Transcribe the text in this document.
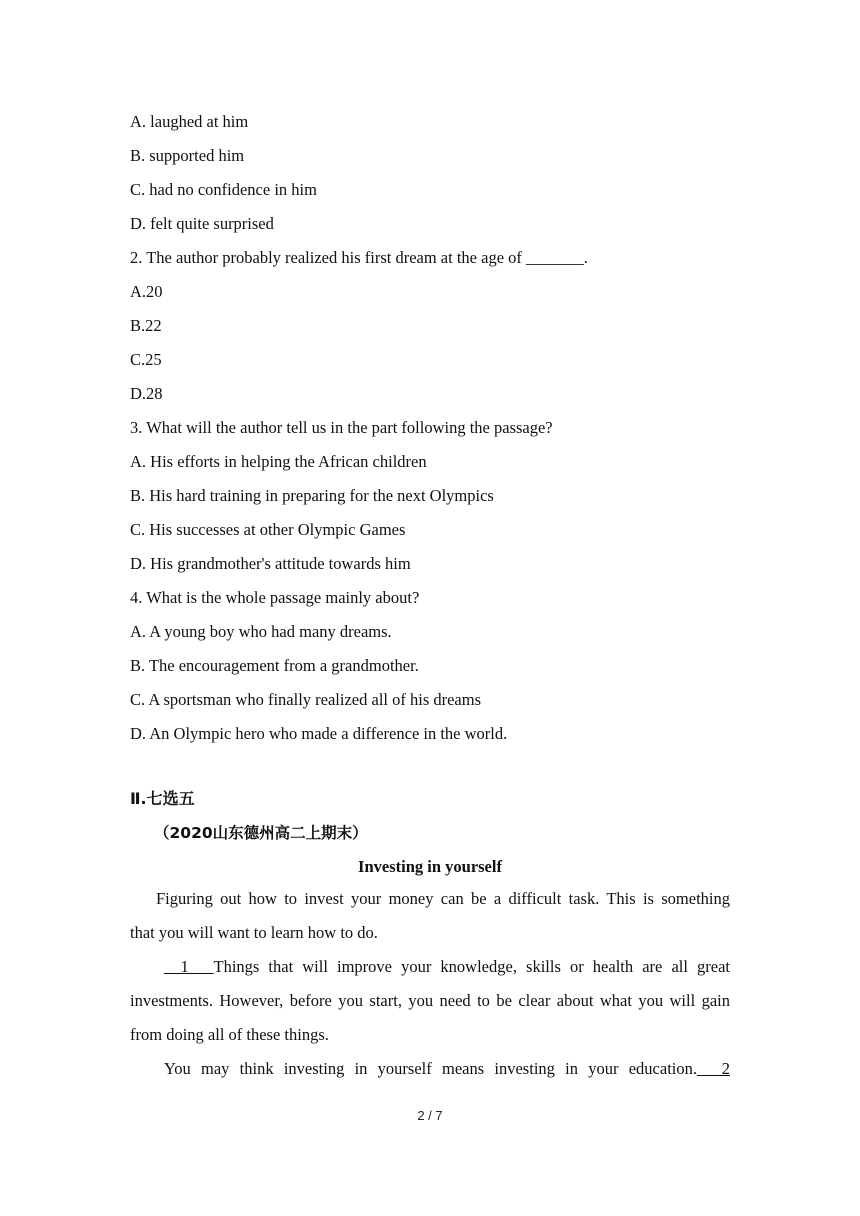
A. laughed at him
B. supported him
C. had no confidence in him
D. felt quite surprised
2. The author probably realized his first dream at the age of _______.
A.20
B.22
C.25
D.28
3. What will the author tell us in the part following the passage?
A. His efforts in helping the African children
B. His hard training in preparing for the next Olympics
C. His successes at other Olympic Games
D. His grandmother's attitude towards him
4. What is the whole passage mainly about?
A. A young boy who had many dreams.
B. The encouragement from a grandmother.
C. A sportsman who finally realized all of his dreams
D. An Olympic hero who made a difference in the world.
Ⅱ.七选五
（2020山东德州高二上期末）
Investing in yourself
Figuring out how to invest your money can be a difficult task. This is something
that you will want to learn how to do.
__1___ Things that will improve your knowledge, skills or health are all great
investments. However, before you start, you need to be clear about what you will gain
from doing all of these things.
You may think investing in yourself means investing in your education. ___2
2 / 7
